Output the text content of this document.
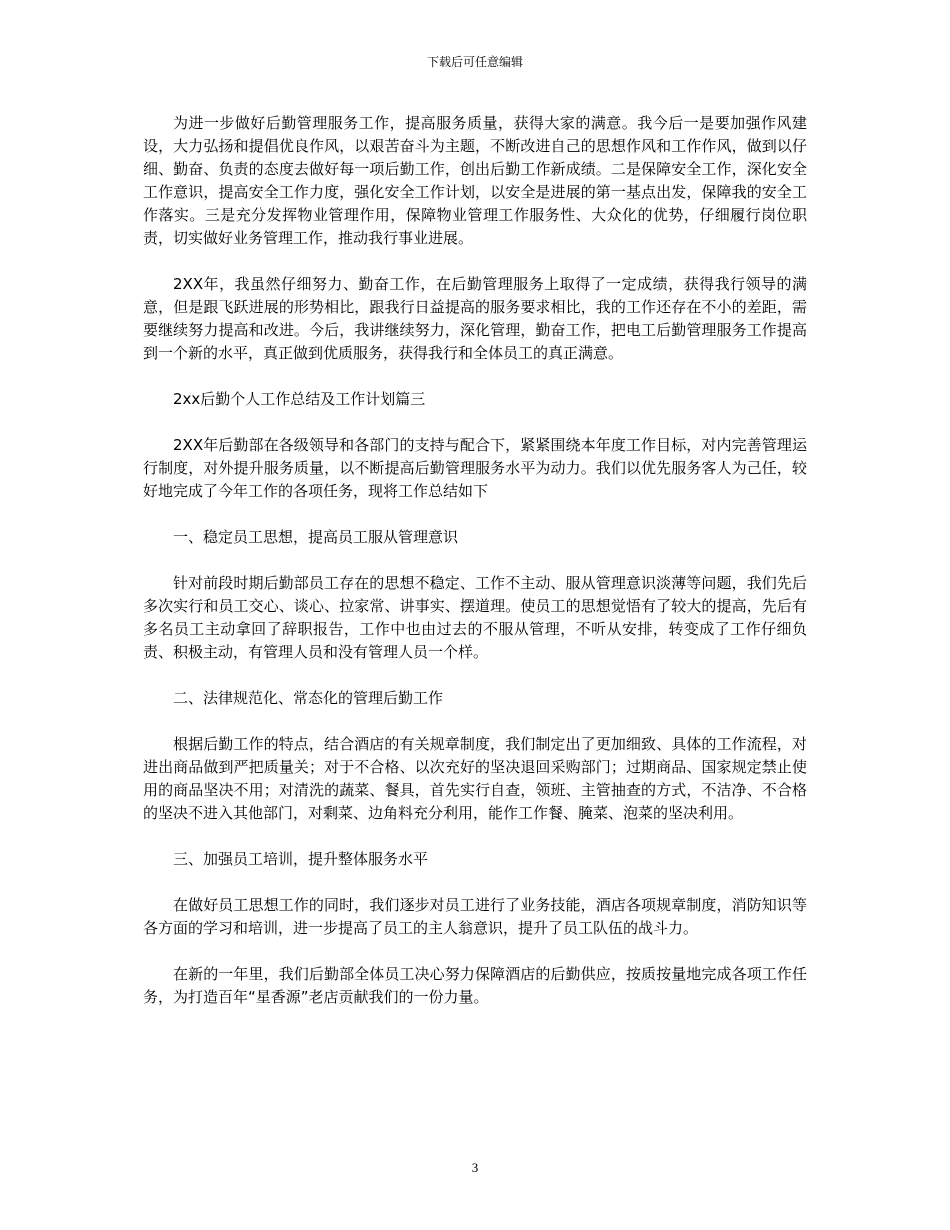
下载后可任意编辑

为进一步做好后勤管理服务工作，提高服务质量，获得大家的满意。我今后一是要加强作风建设，大力弘扬和提倡优良作风，以艰苦奋斗为主题，不断改进自己的思想作风和工作作风，做到以仔细、勤奋、负责的态度去做好每一项后勤工作，创出后勤工作新成绩。二是保障安全工作，深化安全工作意识，提高安全工作力度，强化安全工作计划，以安全是进展的第一基点出发，保障我的安全工作落实。三是充分发挥物业管理作用，保障物业管理工作服务性、大众化的优势，仔细履行岗位职责，切实做好业务管理工作，推动我行事业进展。

2XX年，我虽然仔细努力、勤奋工作，在后勤管理服务上取得了一定成绩，获得我行领导的满意，但是跟飞跃进展的形势相比，跟我行日益提高的服务要求相比，我的工作还存在不小的差距，需要继续努力提高和改进。今后，我讲继续努力，深化管理，勤奋工作，把电工后勤管理服务工作提高到一个新的水平，真正做到优质服务，获得我行和全体员工的真正满意。

2xx后勤个人工作总结及工作计划篇三

2XX年后勤部在各级领导和各部门的支持与配合下，紧紧围绕本年度工作目标，对内完善管理运行制度，对外提升服务质量，以不断提高后勤管理服务水平为动力。我们以优先服务客人为己任，较好地完成了今年工作的各项任务，现将工作总结如下

一、稳定员工思想，提高员工服从管理意识

针对前段时期后勤部员工存在的思想不稳定、工作不主动、服从管理意识淡薄等问题，我们先后多次实行和员工交心、谈心、拉家常、讲事实、摆道理。使员工的思想觉悟有了较大的提高，先后有多名员工主动拿回了辞职报告，工作中也由过去的不服从管理，不听从安排，转变成了工作仔细负责、积极主动，有管理人员和没有管理人员一个样。

二、法律规范化、常态化的管理后勤工作

根据后勤工作的特点，结合酒店的有关规章制度，我们制定出了更加细致、具体的工作流程，对进出商品做到严把质量关；对于不合格、以次充好的坚决退回采购部门；过期商品、国家规定禁止使用的商品坚决不用；对清洗的蔬菜、餐具，首先实行自查，领班、主管抽查的方式，不洁净、不合格的坚决不进入其他部门，对剩菜、边角料充分利用，能作工作餐、腌菜、泡菜的坚决利用。

三、加强员工培训，提升整体服务水平

在做好员工思想工作的同时，我们逐步对员工进行了业务技能，酒店各项规章制度，消防知识等各方面的学习和培训，进一步提高了员工的主人翁意识，提升了员工队伍的战斗力。

在新的一年里，我们后勤部全体员工决心努力保障酒店的后勤供应，按质按量地完成各项工作任务，为打造百年“星香源”老店贡献我们的一份力量。

3
